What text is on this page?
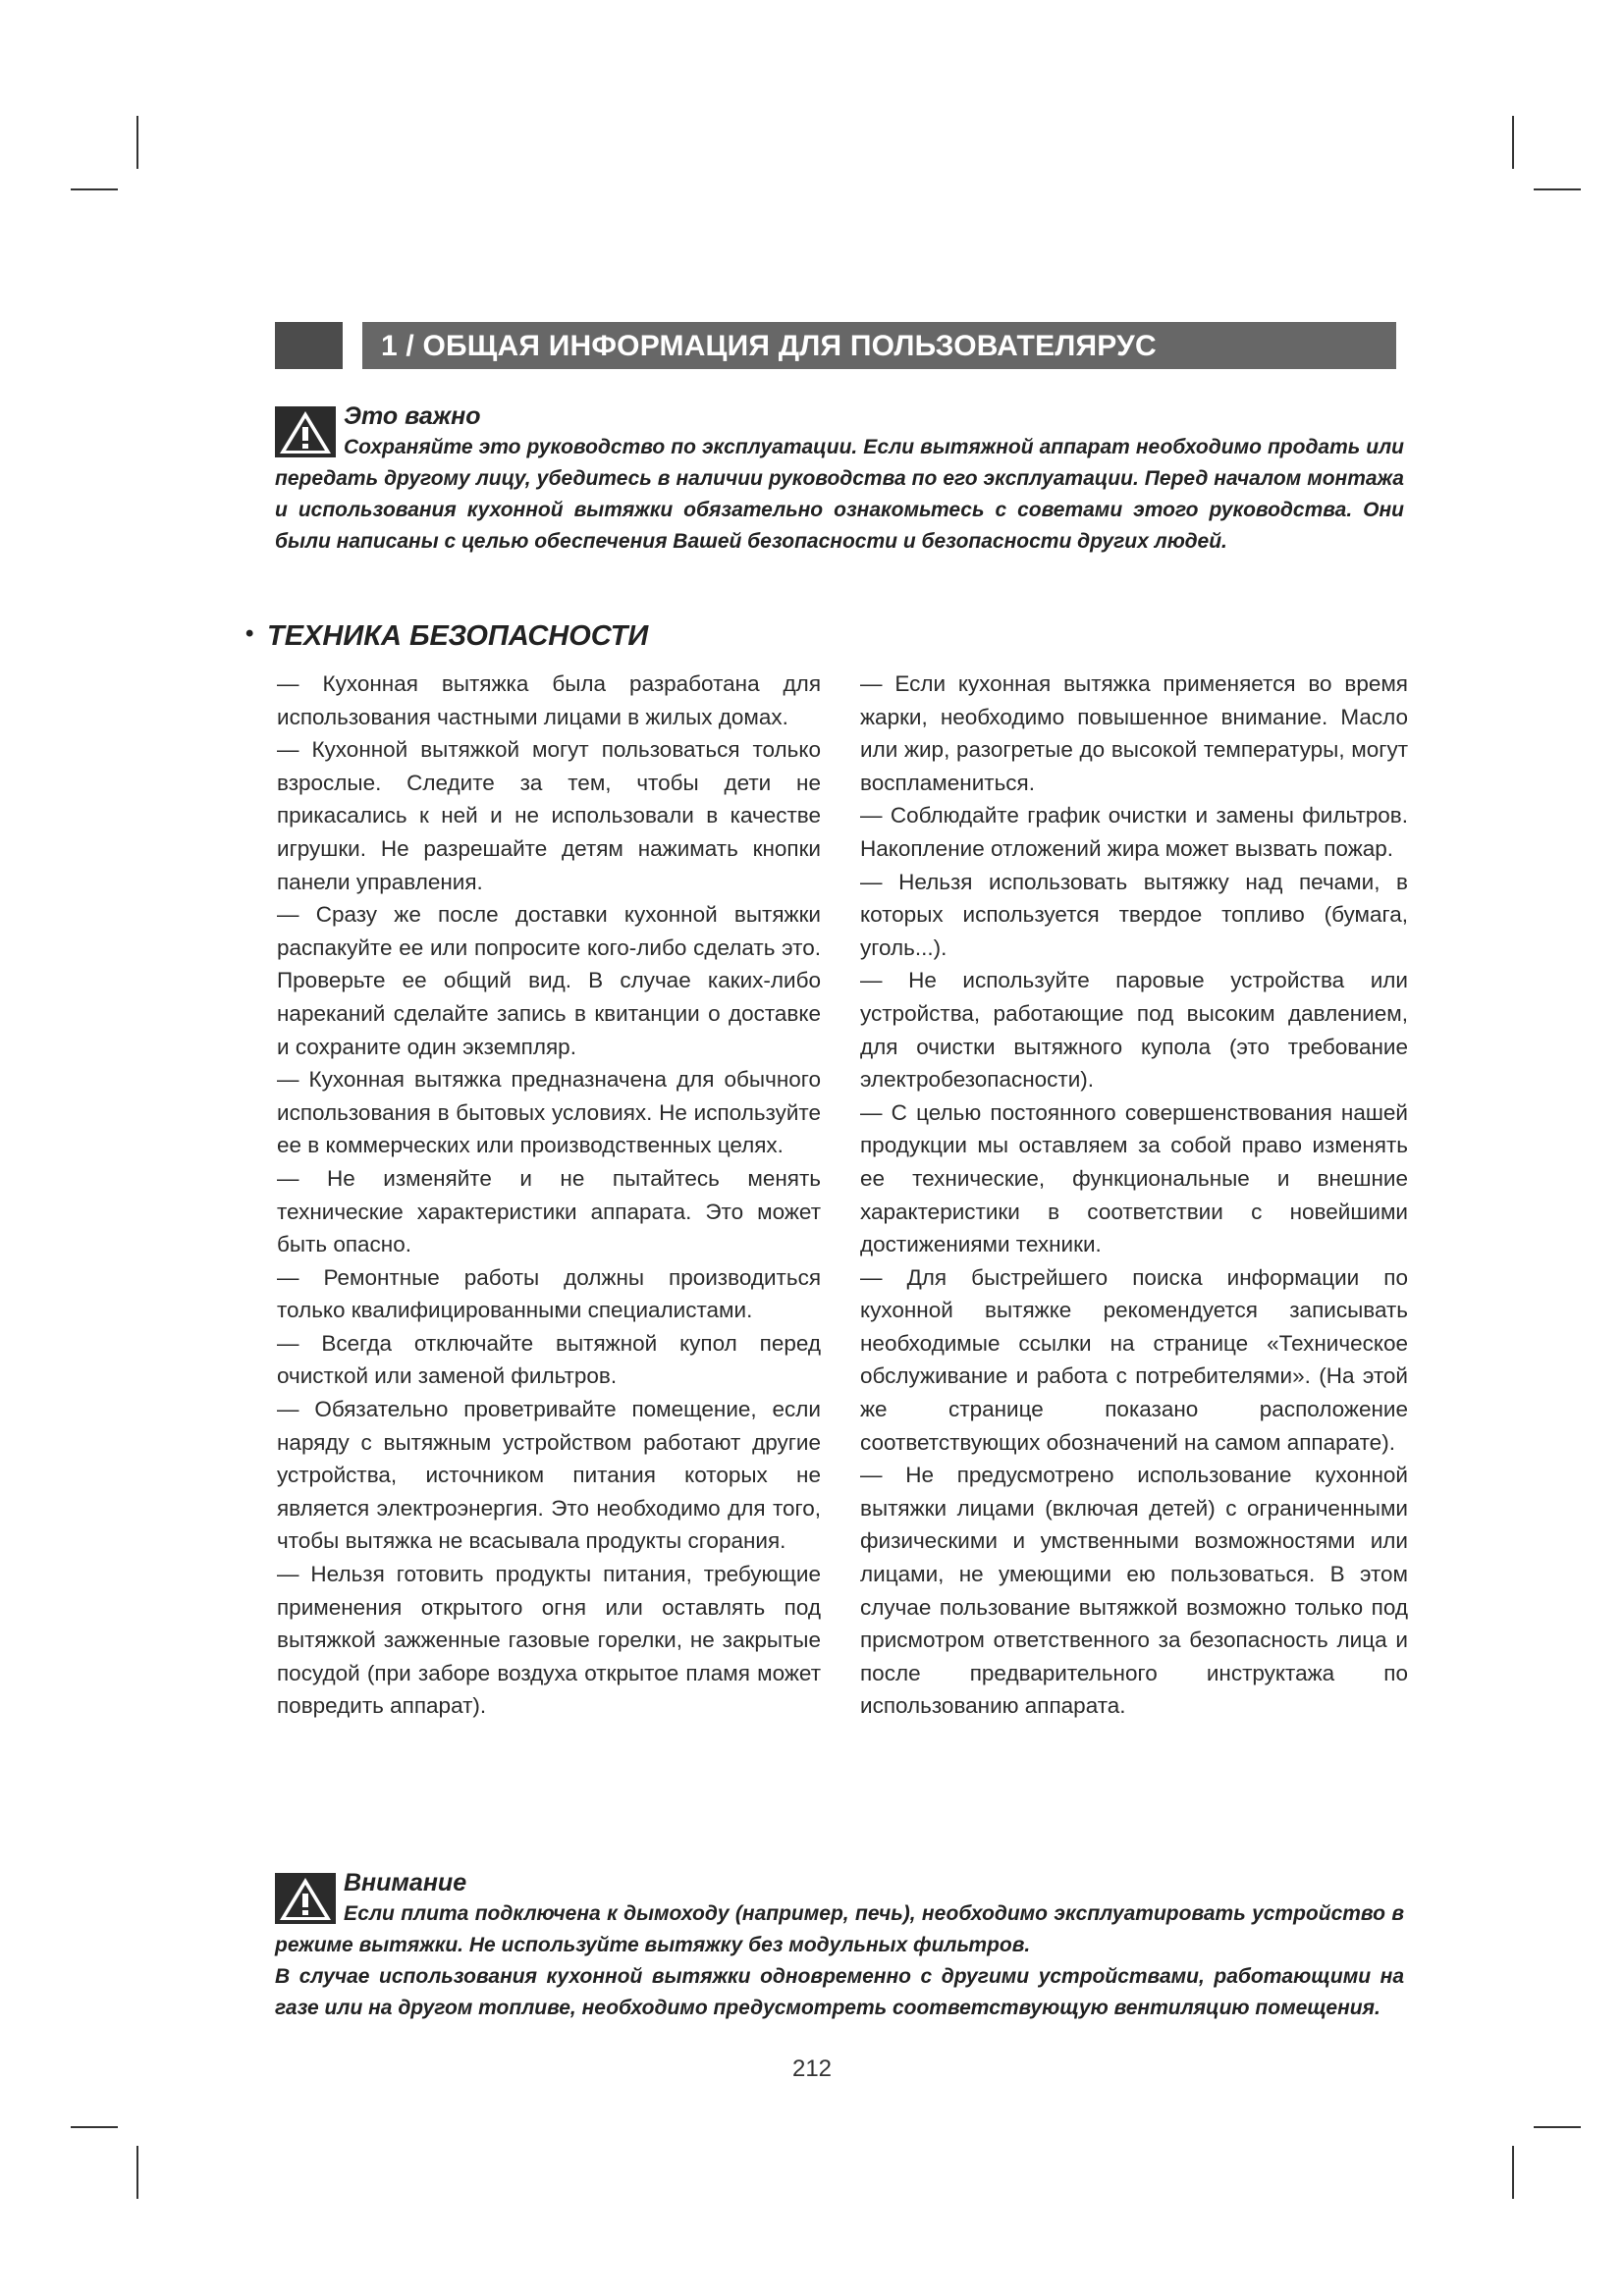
1 / ОБЩАЯ ИНФОРМАЦИЯ ДЛЯ ПОЛЬЗОВАТЕЛЯРУС
Это важно

Сохраняйте это руководство по эксплуатации. Если вытяжной аппарат необходимо продать или передать другому лицу, убедитесь в наличии руководства по его эксплуатации. Перед началом монтажа и использования кухонной вытяжки обязательно ознакомьтесь с советами этого руководства. Они были написаны с целью обеспечения Вашей безопасности и безопасности других людей.

• ТЕХНИКА БЕЗОПАСНОСТИ

— Кухонная вытяжка была разработана для использования частными лицами в жилых домах.

— Кухонной вытяжкой могут пользоваться только взрослые. Следите за тем, чтобы дети не прикасались к ней и не использовали в качестве игрушки. Не разрешайте детям нажимать кнопки панели управления.

— Сразу же после доставки кухонной вытяжки распакуйте ее или попросите кого-либо сделать это. Проверьте ее общий вид. В случае каких-либо нареканий сделайте запись в квитанции о доставке и сохраните один экземпляр.

— Кухонная вытяжка предназначена для обычного использования в бытовых условиях. Не используйте ее в коммерческих или производственных целях.

— Не изменяйте и не пытайтесь менять технические характеристики аппарата. Это может быть опасно.

— Ремонтные работы должны производиться только квалифицированными специалистами.

— Всегда отключайте вытяжной купол перед очисткой или заменой фильтров.

— Обязательно проветривайте помещение, если наряду с вытяжным устройством работают другие устройства, источником питания которых не является электроэнергия. Это необходимо для того, чтобы вытяжка не всасывала продукты сгорания.

— Нельзя готовить продукты питания, требующие применения открытого огня или оставлять под вытяжкой зажженные газовые горелки, не закрытые посудой (при заборе воздуха открытое пламя может повредить аппарат).

— Если кухонная вытяжка применяется во время жарки, необходимо повышенное внимание. Масло или жир, разогретые до высокой температуры, могут воспламениться.

— Соблюдайте график очистки и замены фильтров. Накопление отложений жира может вызвать пожар.

— Нельзя использовать вытяжку над печами, в которых используется твердое топливо (бумага, уголь...).

— Не используйте паровые устройства или устройства, работающие под высоким давлением, для очистки вытяжного купола (это требование электробезопасности).

— С целью постоянного совершенствования нашей продукции мы оставляем за собой право изменять ее технические, функциональные и внешние характеристики в соответствии с новейшими достижениями техники.

— Для быстрейшего поиска информации по кухонной вытяжке рекомендуется записывать необходимые ссылки на странице «Техническое обслуживание и работа с потребителями». (На этой же странице показано расположение соответствующих обозначений на самом аппарате).

— Не предусмотрено использование кухонной вытяжки лицами (включая детей) с ограниченными физическими и умственными возможностями или лицами, не умеющими ею пользоваться. В этом случае пользование вытяжкой возможно только под присмотром ответственного за безопасность лица и после предварительного инструктажа по использованию аппарата.

Внимание

Если плита подключена к дымоходу (например, печь), необходимо эксплуатировать устройство в режиме вытяжки. Не используйте вытяжку без модульных фильтров.

В случае использования кухонной вытяжки одновременно с другими устройствами, работающими на газе или на другом топливе, необходимо предусмотреть соответствующую вентиляцию помещения.

212
